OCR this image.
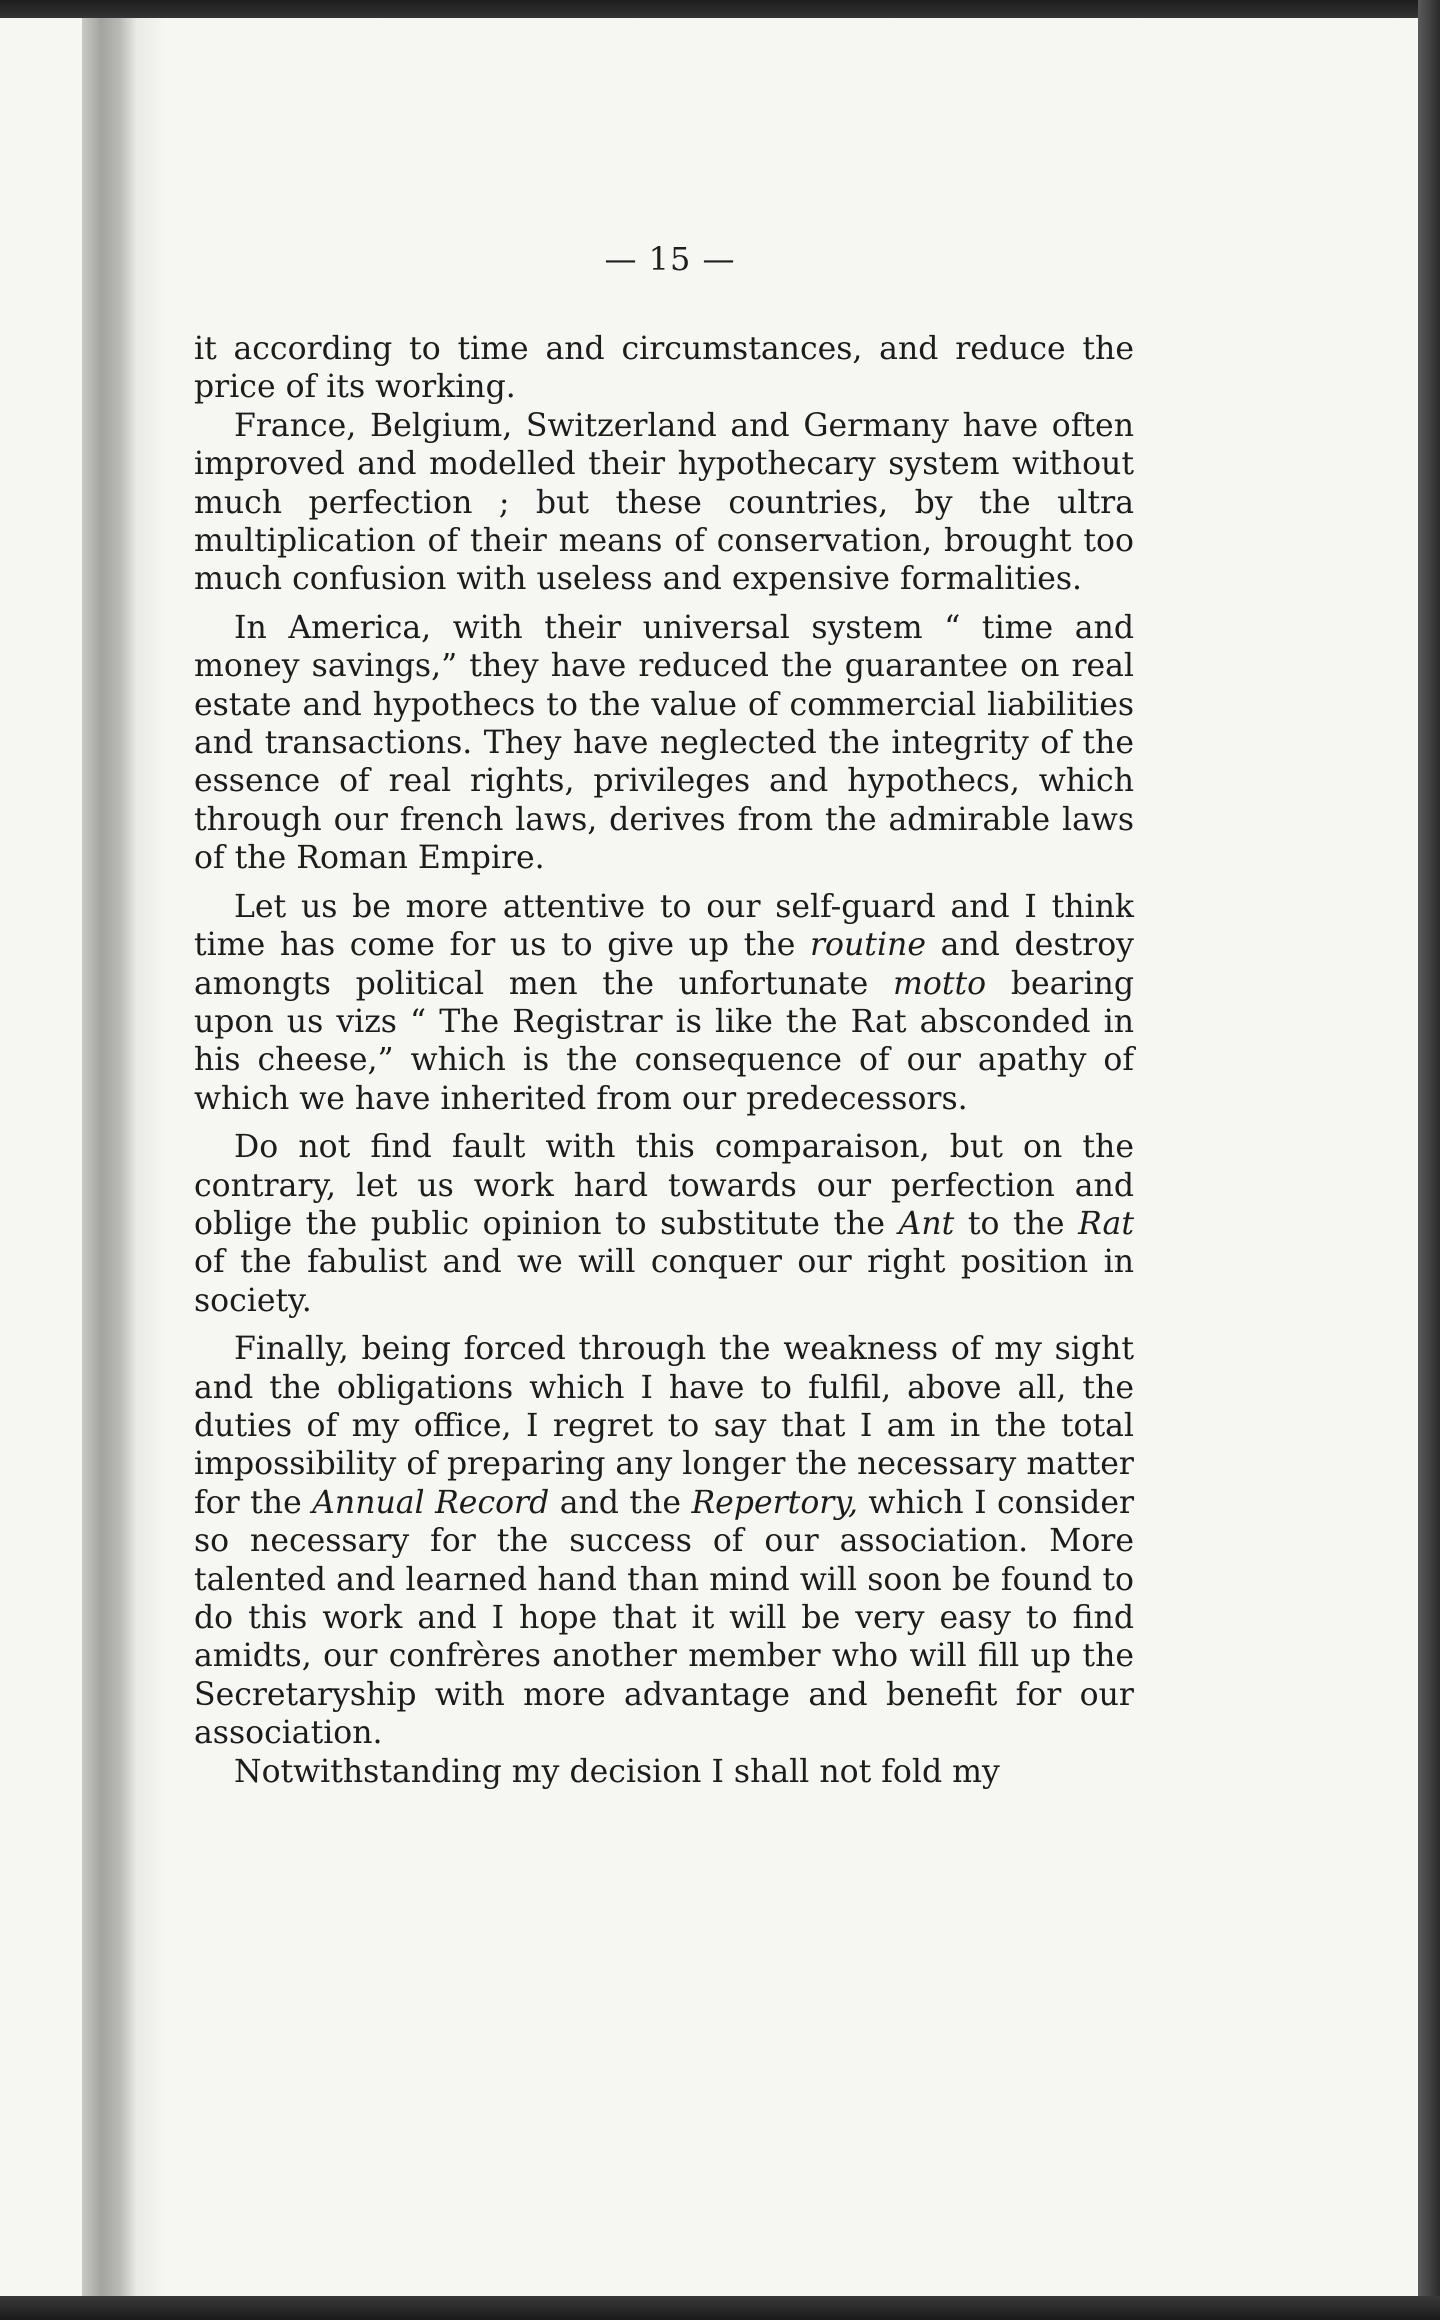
— 15 —

it according to time and circumstances, and reduce the price of its working.

France, Belgium, Switzerland and Germany have often improved and modelled their hypothecary system without much perfection ; but these countries, by the ultra multiplication of their means of conservation, brought too much confusion with useless and expensive formalities.

In America, with their universal system “ time and money savings,” they have reduced the guarantee on real estate and hypothecs to the value of commercial liabilities and transactions. They have neglected the integrity of the essence of real rights, privileges and hypothecs, which through our french laws, derives from the admirable laws of the Roman Empire.

Let us be more attentive to our self-guard and I think time has come for us to give up the routine and destroy amongts political men the unfortunate motto bearing upon us vizs “ The Registrar is like the Rat absconded in his cheese,” which is the consequence of our apathy of which we have inherited from our predecessors.

Do not find fault with this comparaison, but on the contrary, let us work hard towards our perfection and oblige the public opinion to substitute the Ant to the Rat of the fabulist and we will conquer our right position in society.

Finally, being forced through the weakness of my sight and the obligations which I have to fulfil, above all, the duties of my office, I regret to say that I am in the total impossibility of preparing any longer the necessary matter for the Annual Record and the Repertory, which I consider so necessary for the success of our association. More talented and learned hand than mind will soon be found to do this work and I hope that it will be very easy to find amidts, our confrères another member who will fill up the Secretaryship with more advantage and benefit for our association.

Notwithstanding my decision I shall not fold my
